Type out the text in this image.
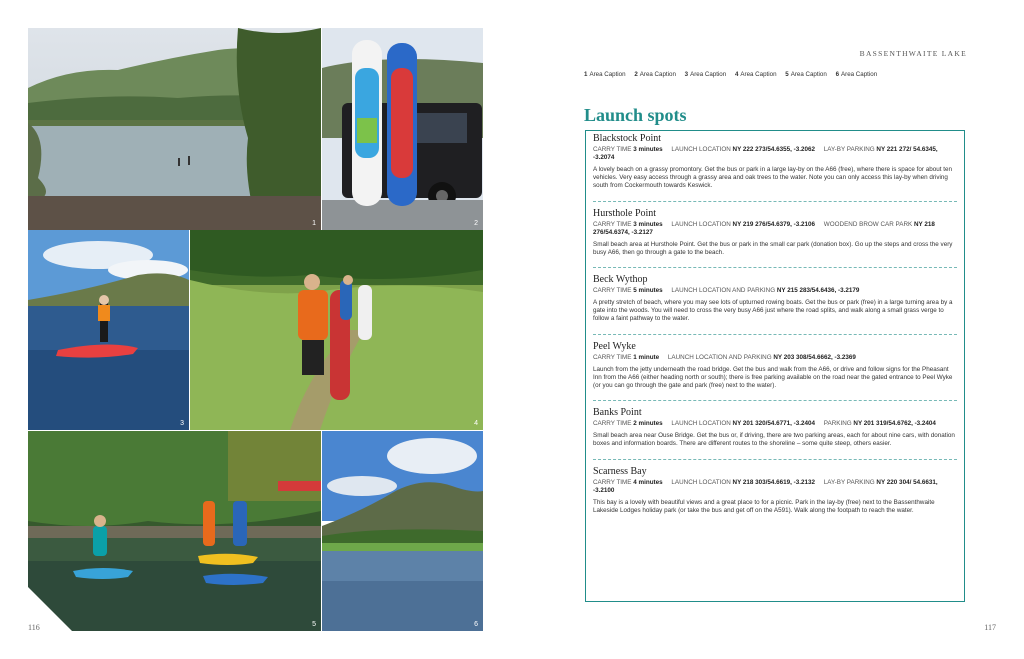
1	2
3	4
5	6
116	117
BASSENTHWAITE LAKE
1 Area Caption 2 Area Caption 3 Area Caption 4 Area Caption 5 Area Caption 6 Area Caption
Launch spots
Blackstock Point
CARRY TIME 3 minutes LAUNCH LOCATION NY 222 273/54.6355, -3.2062 LAY-BY PARKING NY 221 272/ 54.6345, -3.2074

A lovely beach on a grassy promontory. Get the bus or park in a large lay-by on the A66 (free), where there is space for about ten vehicles. Very easy access through a grassy area and oak trees to the water. Note you can only access this lay-by when driving south from Cockermouth towards Keswick.

Hursthole Point
CARRY TIME 3 minutes LAUNCH LOCATION NY 219 276/54.6379, -3.2106 WOODEND BROW CAR PARK NY 218 276/54.6374, -3.2127

Small beach area at Hursthole Point. Get the bus or park in the small car park (donation box). Go up the steps and cross the very busy A66, then go through a gate to the beach.

Beck Wythop
CARRY TIME 5 minutes LAUNCH LOCATION AND PARKING NY 215 283/54.6436, -3.2179

A pretty stretch of beach, where you may see lots of upturned rowing boats. Get the bus or park (free) in a large turning area by a gate into the woods. You will need to cross the very busy A66 just where the road splits, and walk along a small grass verge to follow a faint pathway to the water.

Peel Wyke
CARRY TIME 1 minute LAUNCH LOCATION AND PARKING NY 203 308/54.6662, -3.2369

Launch from the jetty underneath the road bridge. Get the bus and walk from the A66, or drive and follow signs for the Pheasant Inn from the A66 (either heading north or south); there is free parking available on the road near the gated entrance to Peel Wyke (or you can go through the gate and park (free) next to the water).

Banks Point
CARRY TIME 2 minutes LAUNCH LOCATION NY 201 320/54.6771, -3.2404 PARKING NY 201 319/54.6762, -3.2404

Small beach area near Ouse Bridge. Get the bus or, if driving, there are two parking areas, each for about nine cars, with donation boxes and information boards. There are different routes to the shoreline – some quite steep, others easier.

Scarness Bay
CARRY TIME 4 minutes LAUNCH LOCATION NY 218 303/54.6619, -3.2132 LAY-BY PARKING NY 220 304/ 54.6631, -3.2100

This bay is a lovely with beautiful views and a great place to for a picnic. Park in the lay-by (free) next to the Bassenthwaite Lakeside Lodges holiday park (or take the bus and get off on the A591). Walk along the footpath to reach the water.
